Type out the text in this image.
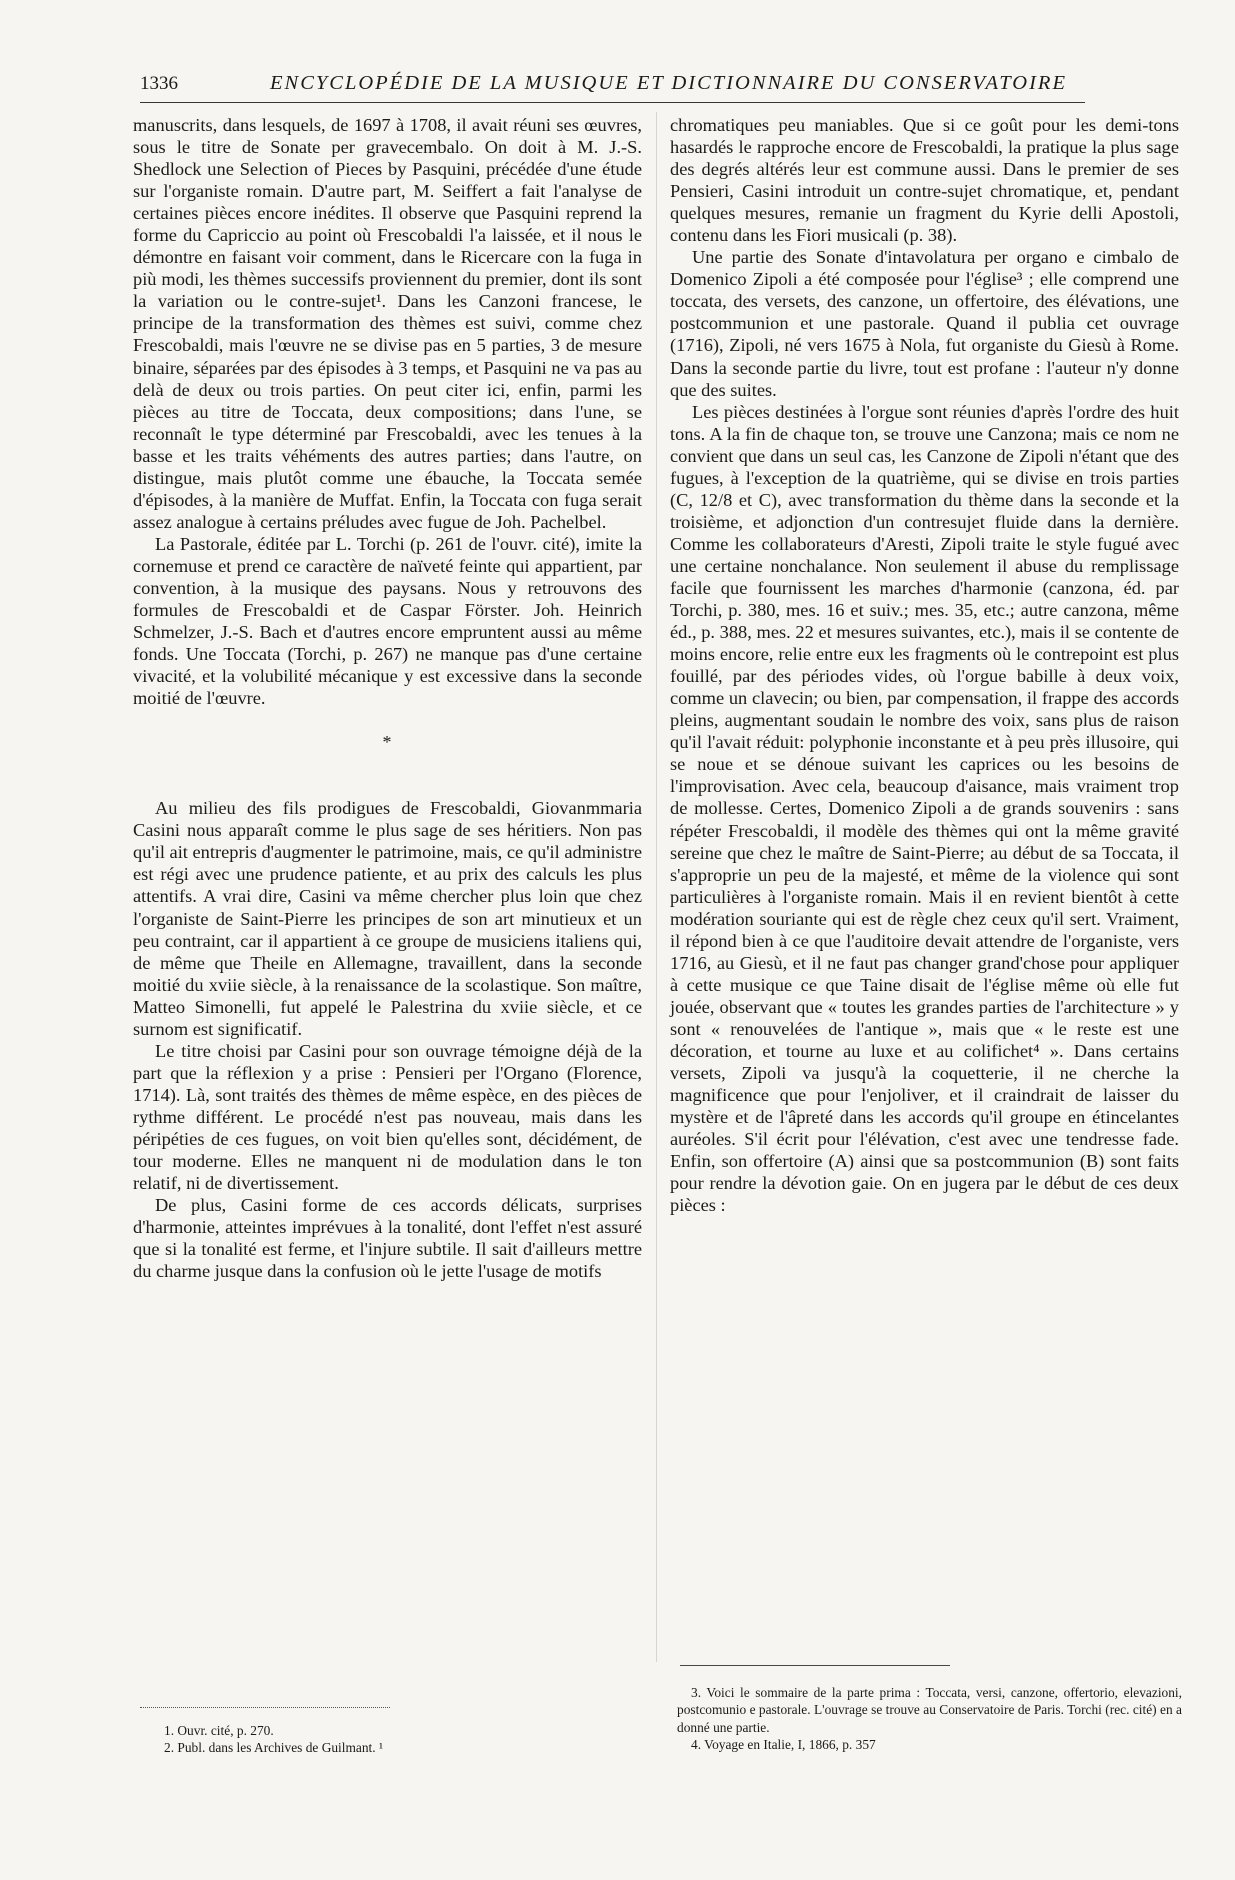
1336	ENCYCLOPÉDIE DE LA MUSIQUE ET DICTIONNAIRE DU CONSERVATOIRE

manuscrits, dans lesquels, de 1697 à 1708, il avait réuni ses œuvres, sous le titre de Sonate per gravecembalo. On doit à M. J.-S. Shedlock une Selection of Pieces by Pasquini, précédée d'une étude sur l'organiste romain. D'autre part, M. Seiffert a fait l'analyse de certaines pièces encore inédites. Il observe que Pasquini reprend la forme du Capriccio au point où Frescobaldi l'a laissée, et il nous le démontre en faisant voir comment, dans le Ricercare con la fuga in più modi, les thèmes successifs proviennent du premier, dont ils sont la variation ou le contre-sujet¹. Dans les Canzoni francese, le principe de la transformation des thèmes est suivi, comme chez Frescobaldi, mais l'œuvre ne se divise pas en 5 parties, 3 de mesure binaire, séparées par des épisodes à 3 temps, et Pasquini ne va pas au delà de deux ou trois parties. On peut citer ici, enfin, parmi les pièces au titre de Toccata, deux compositions; dans l'une, se reconnaît le type déterminé par Frescobaldi, avec les tenues à la basse et les traits véhéments des autres parties; dans l'autre, on distingue, mais plutôt comme une ébauche, la Toccata semée d'épisodes, à la manière de Muffat. Enfin, la Toccata con fuga serait assez analogue à certains préludes avec fugue de Joh. Pachelbel.

La Pastorale, éditée par L. Torchi (p. 261 de l'ouvr. cité), imite la cornemuse et prend ce caractère de naïveté feinte qui appartient, par convention, à la musique des paysans. Nous y retrouvons des formules de Frescobaldi et de Caspar Förster. Joh. Heinrich Schmelzer, J.-S. Bach et d'autres encore empruntent aussi au même fonds. Une Toccata (Torchi, p. 267) ne manque pas d'une certaine vivacité, et la volubilité mécanique y est excessive dans la seconde moitié de l'œuvre.

*

Au milieu des fils prodigues de Frescobaldi, Giovanmmaria Casini nous apparaît comme le plus sage de ses héritiers. Non pas qu'il ait entrepris d'augmenter le patrimoine, mais, ce qu'il administre est régi avec une prudence patiente, et au prix des calculs les plus attentifs. A vrai dire, Casini va même chercher plus loin que chez l'organiste de Saint-Pierre les principes de son art minutieux et un peu contraint, car il appartient à ce groupe de musiciens italiens qui, de même que Theile en Allemagne, travaillent, dans la seconde moitié du xviie siècle, à la renaissance de la scolastique. Son maître, Matteo Simonelli, fut appelé le Palestrina du xviie siècle, et ce surnom est significatif.

Le titre choisi par Casini pour son ouvrage témoigne déjà de la part que la réflexion y a prise : Pensieri per l'Organo (Florence, 1714). Là, sont traités des thèmes de même espèce, en des pièces de rythme différent. Le procédé n'est pas nouveau, mais dans les péripéties de ces fugues, on voit bien qu'elles sont, décidément, de tour moderne. Elles ne manquent ni de modulation dans le ton relatif, ni de divertissement.

De plus, Casini forme de ces accords délicats, surprises d'harmonie, atteintes imprévues à la tonalité, dont l'effet n'est assuré que si la tonalité est ferme, et l'injure subtile. Il sait d'ailleurs mettre du charme jusque dans la confusion où le jette l'usage de motifs

chromatiques peu maniables. Que si ce goût pour les demi-tons hasardés le rapproche encore de Frescobaldi, la pratique la plus sage des degrés altérés leur est commune aussi. Dans le premier de ses Pensieri, Casini introduit un contre-sujet chromatique, et, pendant quelques mesures, remanie un fragment du Kyrie delli Apostoli, contenu dans les Fiori musicali (p. 38).

Une partie des Sonate d'intavolatura per organo e cimbalo de Domenico Zipoli a été composée pour l'église³ ; elle comprend une toccata, des versets, des canzone, un offertoire, des élévations, une postcommunion et une pastorale. Quand il publia cet ouvrage (1716), Zipoli, né vers 1675 à Nola, fut organiste du Giesù à Rome. Dans la seconde partie du livre, tout est profane : l'auteur n'y donne que des suites.

Les pièces destinées à l'orgue sont réunies d'après l'ordre des huit tons. A la fin de chaque ton, se trouve une Canzona; mais ce nom ne convient que dans un seul cas, les Canzone de Zipoli n'étant que des fugues, à l'exception de la quatrième, qui se divise en trois parties (C, 12/8 et C), avec transformation du thème dans la seconde et la troisième, et adjonction d'un contresujet fluide dans la dernière. Comme les collaborateurs d'Aresti, Zipoli traite le style fugué avec une certaine nonchalance. Non seulement il abuse du remplissage facile que fournissent les marches d'harmonie (canzona, éd. par Torchi, p. 380, mes. 16 et suiv.; mes. 35, etc.; autre canzona, même éd., p. 388, mes. 22 et mesures suivantes, etc.), mais il se contente de moins encore, relie entre eux les fragments où le contrepoint est plus fouillé, par des périodes vides, où l'orgue babille à deux voix, comme un clavecin; ou bien, par compensation, il frappe des accords pleins, augmentant soudain le nombre des voix, sans plus de raison qu'il l'avait réduit: polyphonie inconstante et à peu près illusoire, qui se noue et se dénoue suivant les caprices ou les besoins de l'improvisation. Avec cela, beaucoup d'aisance, mais vraiment trop de mollesse. Certes, Domenico Zipoli a de grands souvenirs : sans répéter Frescobaldi, il modèle des thèmes qui ont la même gravité sereine que chez le maître de Saint-Pierre; au début de sa Toccata, il s'approprie un peu de la majesté, et même de la violence qui sont particulières à l'organiste romain. Mais il en revient bientôt à cette modération souriante qui est de règle chez ceux qu'il sert. Vraiment, il répond bien à ce que l'auditoire devait attendre de l'organiste, vers 1716, au Giesù, et il ne faut pas changer grand'chose pour appliquer à cette musique ce que Taine disait de l'église même où elle fut jouée, observant que « toutes les grandes parties de l'architecture » y sont « renouvelées de l'antique », mais que « le reste est une décoration, et tourne au luxe et au colifichet⁴ ». Dans certains versets, Zipoli va jusqu'à la coquetterie, il ne cherche la magnificence que pour l'enjoliver, et il craindrait de laisser du mystère et de l'âpreté dans les accords qu'il groupe en étincelantes auréoles. S'il écrit pour l'élévation, c'est avec une tendresse fade. Enfin, son offertoire (A) ainsi que sa postcommunion (B) sont faits pour rendre la dévotion gaie. On en jugera par le début de ces deux pièces :

1. Ouvr. cité, p. 270.

2. Publ. dans les Archives de Guilmant. ¹

3. Voici le sommaire de la parte prima : Toccata, versi, canzone, offertorio, elevazioni, postcomunio e pastorale. L'ouvrage se trouve au Conservatoire de Paris. Torchi (rec. cité) en a donné une partie.

4. Voyage en Italie, I, 1866, p. 357
